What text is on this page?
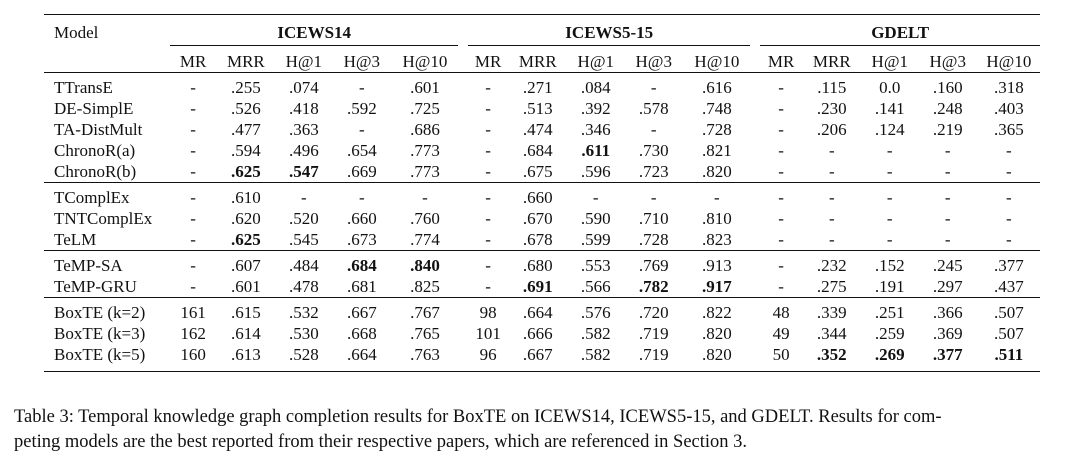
Model	ICEWS14						ICEWS5-15						GDELT				
	MR	MRR	H@1	H@3	H@10		MR	MRR	H@1	H@3	H@10		MR	MRR	H@1	H@3	H@10

TTransE	-	.255	.074	-	.601		-	.271	.084	-	.616		-	.115	0.0	.160	.318
DE-SimplE	-	.526	.418	.592	.725		-	.513	.392	.578	.748		-	.230	.141	.248	.403
TA-DistMult	-	.477	.363	-	.686		-	.474	.346	-	.728		-	.206	.124	.219	.365
ChronoR(a)	-	.594	.496	.654	.773		-	.684	.611	.730	.821		-	-	-	-	-
ChronoR(b)	-	.625	.547	.669	.773		-	.675	.596	.723	.820		-	-	-	-	-

TComplEx	-	.610	-	-	-		-	.660	-	-	-		-	-	-	-	-
TNTComplEx	-	.620	.520	.660	.760		-	.670	.590	.710	.810		-	-	-	-	-
TeLM	-	.625	.545	.673	.774		-	.678	.599	.728	.823		-	-	-	-	-

TeMP-SA	-	.607	.484	.684	.840		-	.680	.553	.769	.913		-	.232	.152	.245	.377
TeMP-GRU	-	.601	.478	.681	.825		-	.691	.566	.782	.917		-	.275	.191	.297	.437

BoxTE (k=2)	161	.615	.532	.667	.767		98	.664	.576	.720	.822		48	.339	.251	.366	.507
BoxTE (k=3)	162	.614	.530	.668	.765		101	.666	.582	.719	.820		49	.344	.259	.369	.507
BoxTE (k=5)	160	.613	.528	.664	.763		96	.667	.582	.719	.820		50	.352	.269	.377	.511

Table 3: Temporal knowledge graph completion results for BoxTE on ICEWS14, ICEWS5-15, and GDELT. Results for com-
peting models are the best reported from their respective papers, which are referenced in Section 3.
